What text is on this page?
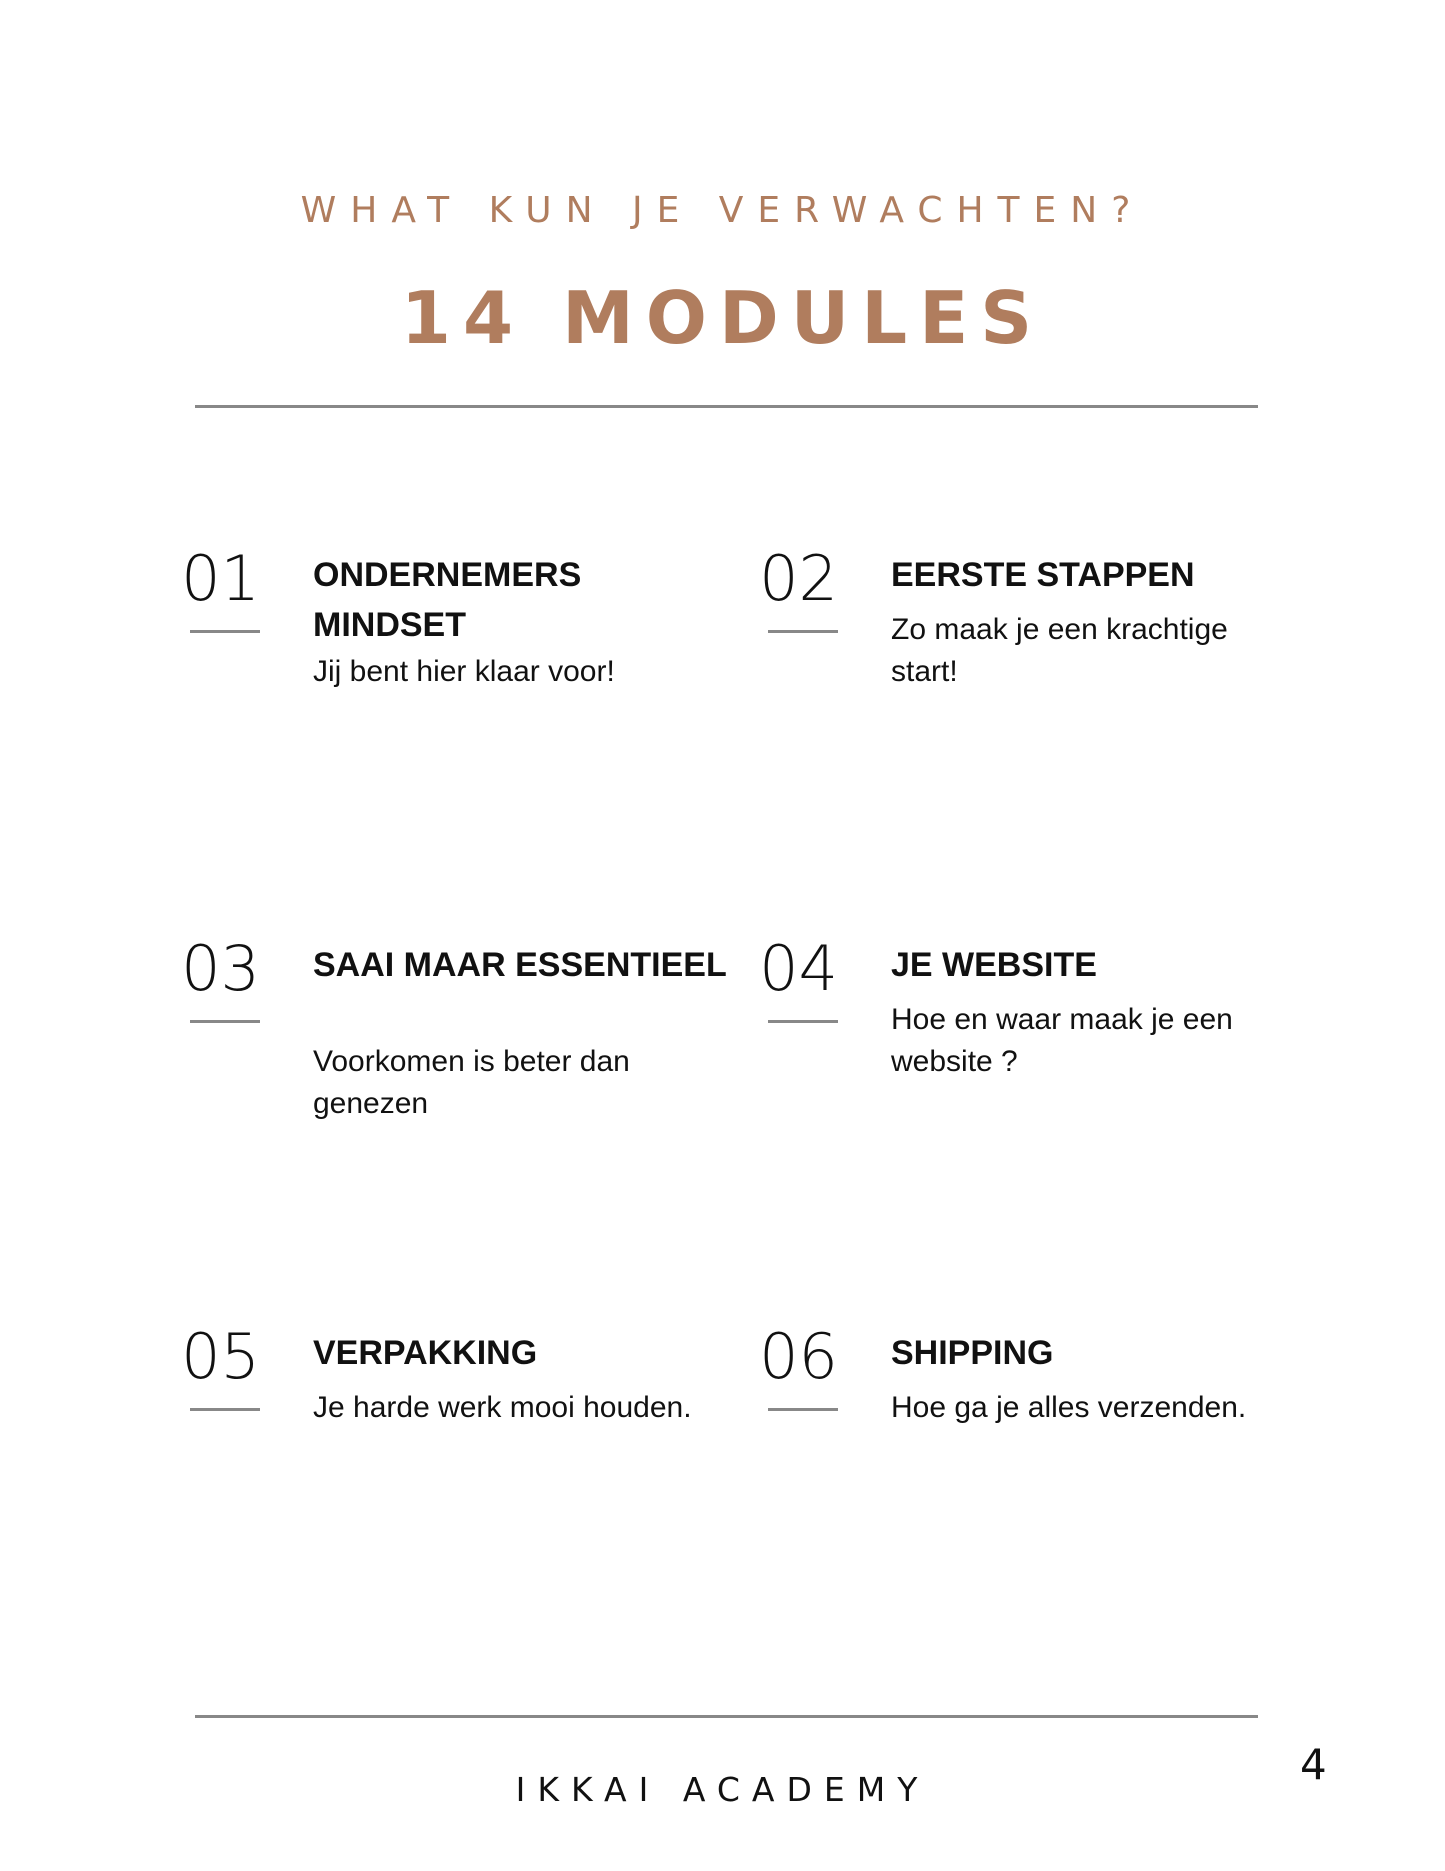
WHAT KUN JE VERWACHTEN?
14 MODULES
01 ONDERNEMERS MINDSET
Jij bent hier klaar voor!
02 EERSTE STAPPEN
Zo maak je een krachtige start!
03 SAAI MAAR ESSENTIEEL
Voorkomen is beter dan genezen
04 JE WEBSITE
Hoe en waar maak je een website ?
05 VERPAKKING
Je harde werk mooi houden.
06 SHIPPING
Hoe ga je alles verzenden.
IKKAI ACADEMY
4
